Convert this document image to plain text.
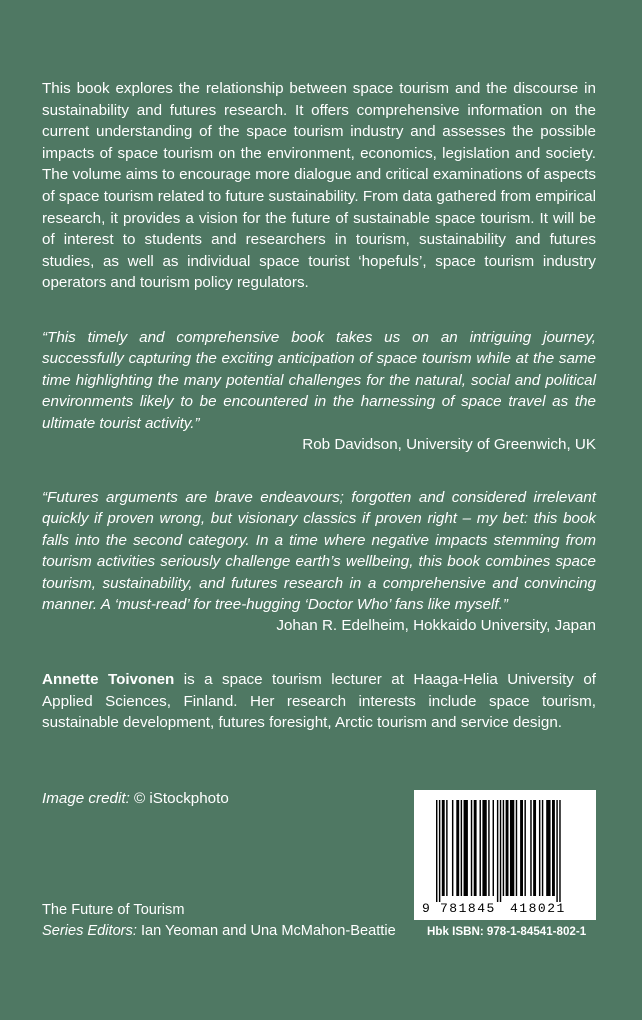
This book explores the relationship between space tourism and the discourse in sustainability and futures research. It offers comprehensive information on the current understanding of the space tourism industry and assesses the possible impacts of space tourism on the environment, economics, legislation and society. The volume aims to encourage more dialogue and critical examinations of aspects of space tourism related to future sustainability. From data gathered from empirical research, it provides a vision for the future of sustainable space tourism. It will be of interest to students and researchers in tourism, sustainability and futures studies, as well as individual space tourist ‘hopefuls’, space tourism industry operators and tourism policy regulators.

“This timely and comprehensive book takes us on an intriguing journey, successfully capturing the exciting anticipation of space tourism while at the same time highlighting the many potential challenges for the natural, social and political environments likely to be encountered in the harnessing of space travel as the ultimate tourist activity.”
Rob Davidson, University of Greenwich, UK
“Futures arguments are brave endeavours; forgotten and considered irrelevant quickly if proven wrong, but visionary classics if proven right – my bet: this book falls into the second category. In a time where negative impacts stemming from tourism activities seriously challenge earth’s wellbeing, this book combines space tourism, sustainability, and futures research in a comprehensive and convincing manner. A ‘must-read’ for tree-hugging ‘Doctor Who’ fans like myself.”
Johan R. Edelheim, Hokkaido University, Japan

Annette Toivonen is a space tourism lecturer at Haaga-Helia University of Applied Sciences, Finland. Her research interests include space tourism, sustainable development, futures foresight, Arctic tourism and service design.

Image credit: © iStockphoto
The Future of Tourism
Series Editors: Ian Yeoman and Una McMahon-Beattie
9 781845 418021
Hbk ISBN: 978-1-84541-802-1
